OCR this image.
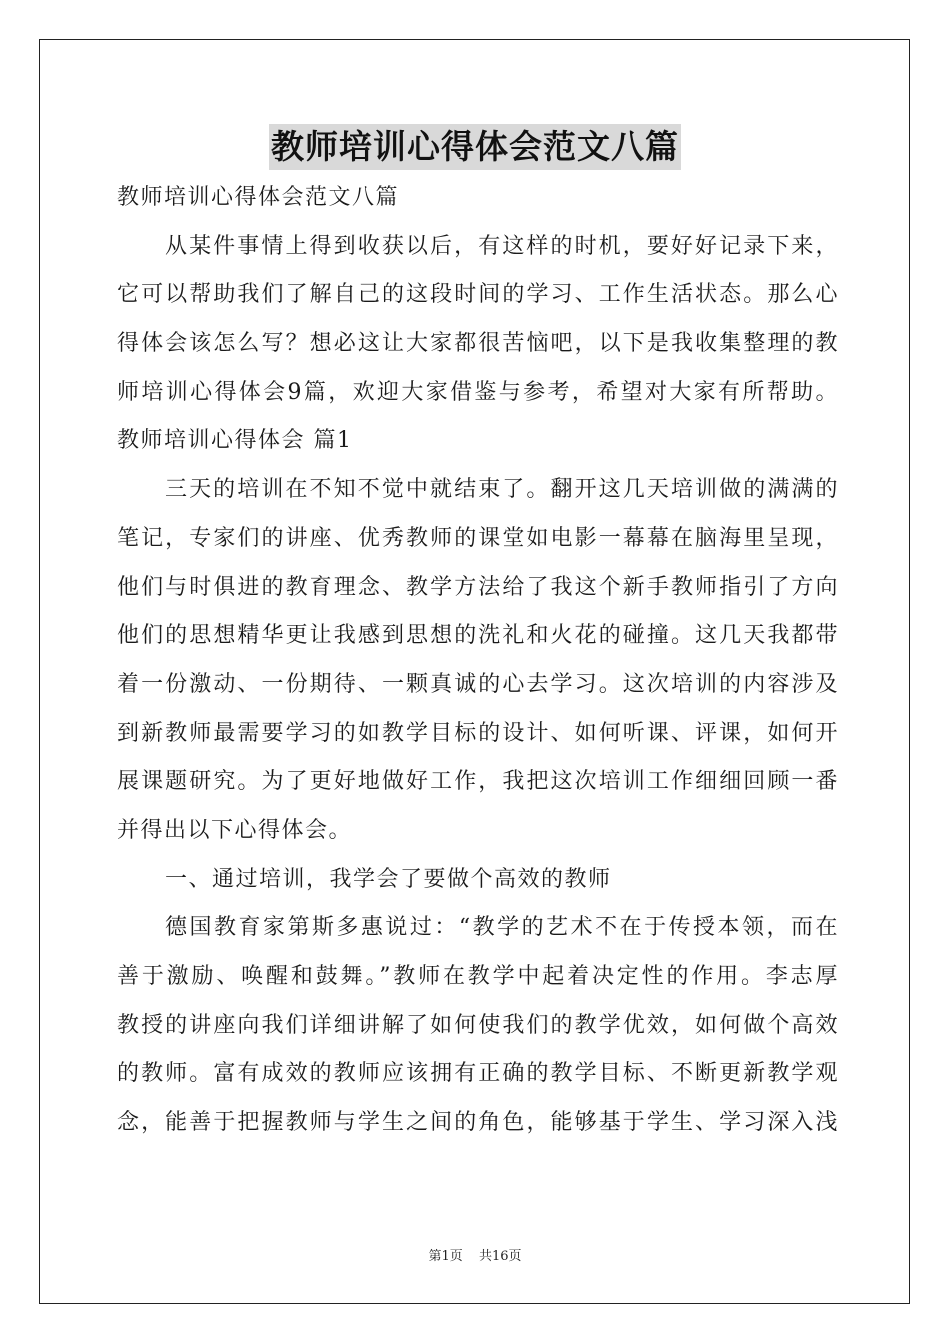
教师培训心得体会范文八篇
教师培训心得体会范文八篇
从某件事情上得到收获以后，有这样的时机，要好好记录下来，
它可以帮助我们了解自己的这段时间的学习、工作生活状态。那么心
得体会该怎么写？想必这让大家都很苦恼吧，以下是我收集整理的教
师培训心得体会9篇，欢迎大家借鉴与参考，希望对大家有所帮助。
教师培训心得体会 篇1
三天的培训在不知不觉中就结束了。翻开这几天培训做的满满的
笔记，专家们的讲座、优秀教师的课堂如电影一幕幕在脑海里呈现，
他们与时俱进的教育理念、教学方法给了我这个新手教师指引了方向
他们的思想精华更让我感到思想的洗礼和火花的碰撞。这几天我都带
着一份激动、一份期待、一颗真诚的心去学习。这次培训的内容涉及
到新教师最需要学习的如教学目标的设计、如何听课、评课，如何开
展课题研究。为了更好地做好工作，我把这次培训工作细细回顾一番
并得出以下心得体会。
一、通过培训，我学会了要做个高效的教师
德国教育家第斯多惠说过：“教学的艺术不在于传授本领，而在
善于激励、唤醒和鼓舞。”教师在教学中起着决定性的作用。李志厚
教授的讲座向我们详细讲解了如何使我们的教学优效，如何做个高效
的教师。富有成效的教师应该拥有正确的教学目标、不断更新教学观
念，能善于把握教师与学生之间的角色，能够基于学生、学习深入浅
第1页 共16页
